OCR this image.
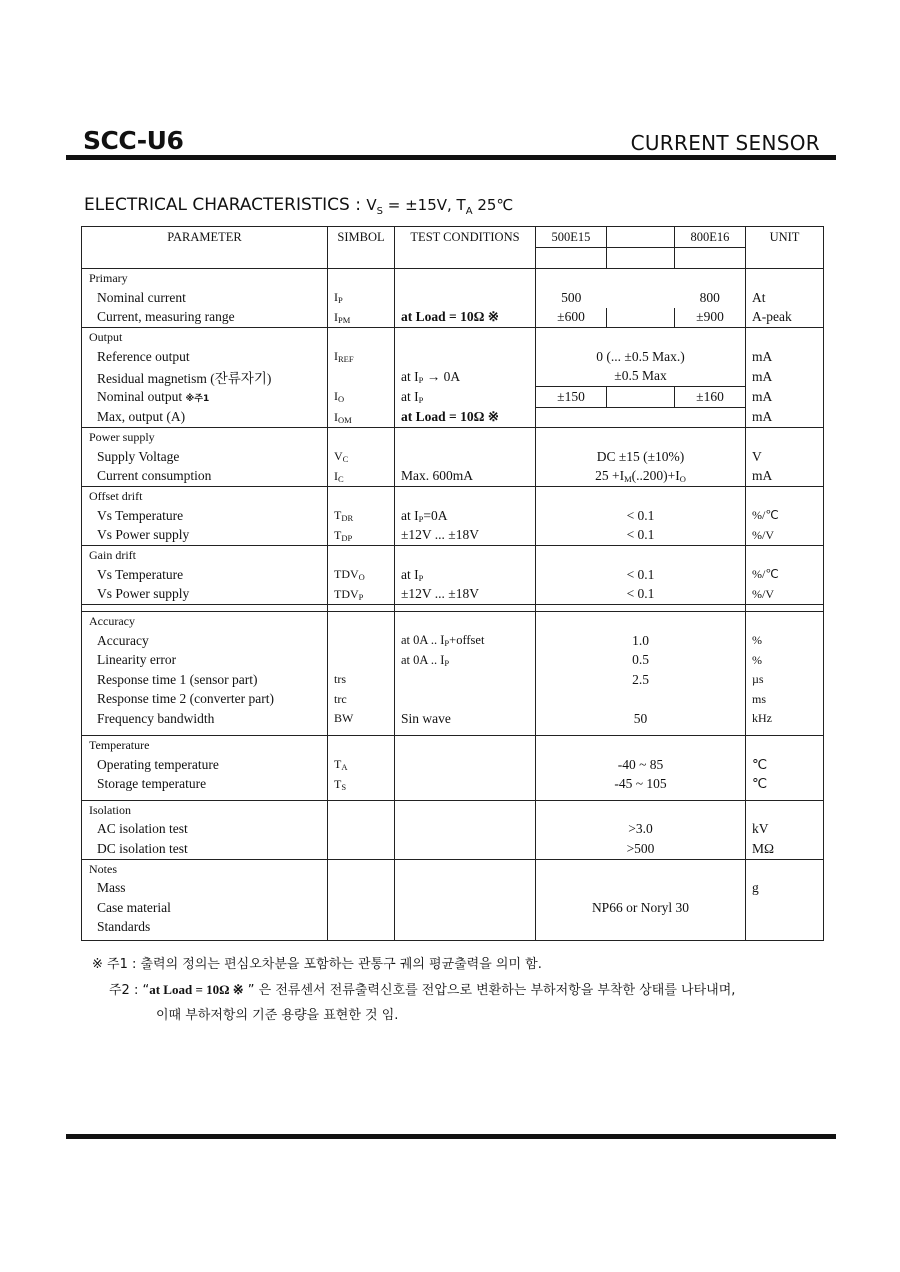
SCC-U6	CURRENT SENSOR
ELECTRICAL CHARACTERISTICS : $V_S = \pm 15V$, $T_A$ 25℃
PARAMETER	SIMBOL	TEST CONDITIONS	500E15		800E16	UNIT

Primary						
Nominal current	$I_P$		500		800	At
Current, measuring range	$I_{PM}$	at Load = 10Ω ※	±600		±900	A-peak
Output						
Reference output	$I_{REF}$		0 (... ±0.5 Max.)			mA
Residual magnetism (잔류자기)		at $I_P \to 0A$	±0.5 Max			mA
Nominal output ※주1	$I_O$	at $I_P$	±150		±160	mA
Max, output (A)	$I_{OM}$	at Load = 10Ω ※				mA
Power supply						
Supply Voltage	$V_C$		DC ±15 (±10%)			V
Current consumption	$I_C$	Max. 600mA	$25 +I_M(..200)+I_O$			mA
Offset drift						
Vs Temperature	$T_{DR}$	at $I_P=0A$	< 0.1			%/℃
Vs Power supply	$T_{DP}$	±12V ... ±18V	< 0.1			%/V
Gain drift						
Vs Temperature	$TDV_O$	at $I_P$	< 0.1			%/℃
Vs Power supply	$TDV_P$	±12V ... ±18V	< 0.1			%/V

Accuracy						
Accuracy		at 0A .. $I_P+offset$	1.0			%
Linearity error		at 0A .. $I_P$	0.5			%
Response time 1 (sensor part)	trs		2.5			µs
Response time 2 (converter part)	trc					ms
Frequency bandwidth	BW	Sin wave	50			kHz

Temperature						
Operating temperature	$T_A$		-40 ~ 85			℃
Storage temperature	$T_S$		-45 ~ 105			℃

Isolation						
AC isolation test			>3.0			kV
DC isolation test			>500			MΩ
Notes						
Mass						g
Case material			NP66 or Noryl 30			
Standards						

※ 주1 : 출력의 정의는 편심오차분을 포함하는 관통구 궤의 평균출력을 의미 함.
주2 : “at Load = 10Ω ※ ” 은 전류센서 전류출력신호를 전압으로 변환하는 부하저항을 부착한 상태를 나타내며,
이때 부하저항의 기준 용량을 표현한 것 임.
